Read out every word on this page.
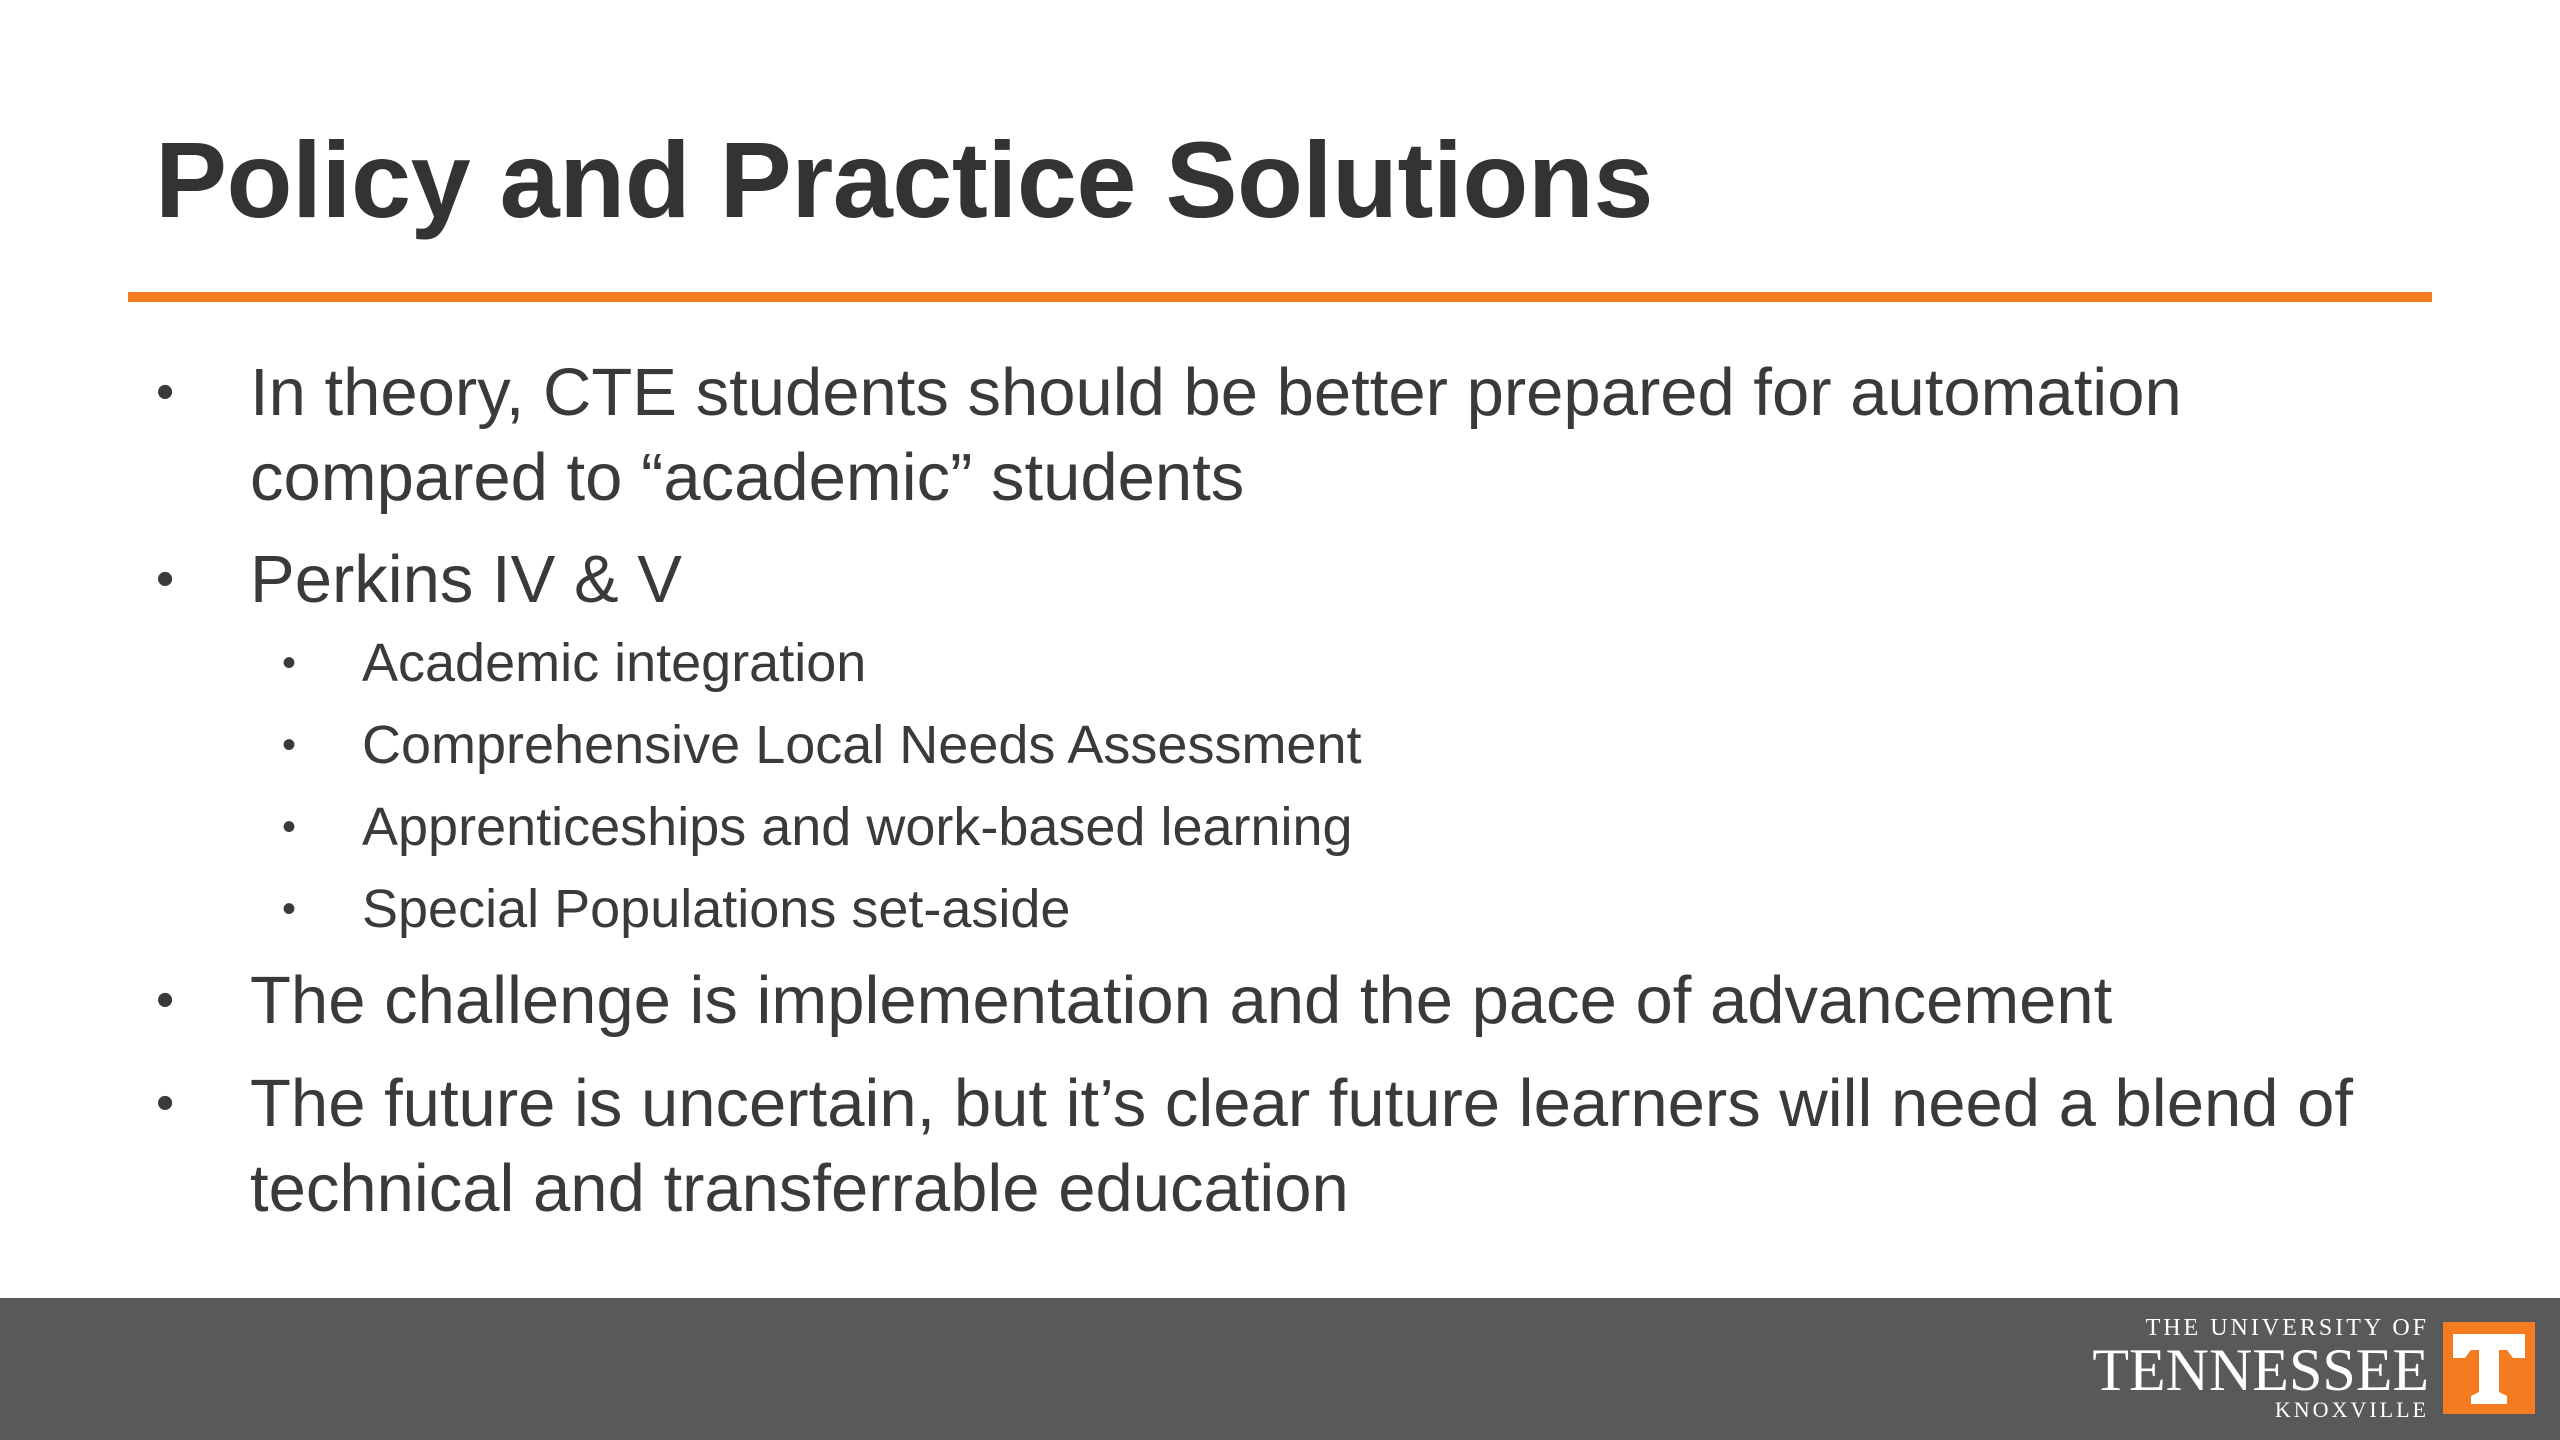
Policy and Practice Solutions
• In theory, CTE students should be better prepared for automation compared to “academic” students
• Perkins IV & V
• Academic integration
• Comprehensive Local Needs Assessment
• Apprenticeships and work-based learning
• Special Populations set-aside
• The challenge is implementation and the pace of advancement
• The future is uncertain, but it’s clear future learners will need a blend of technical and transferrable education
THE UNIVERSITY OF
TENNESSEE
KNOXVILLE
